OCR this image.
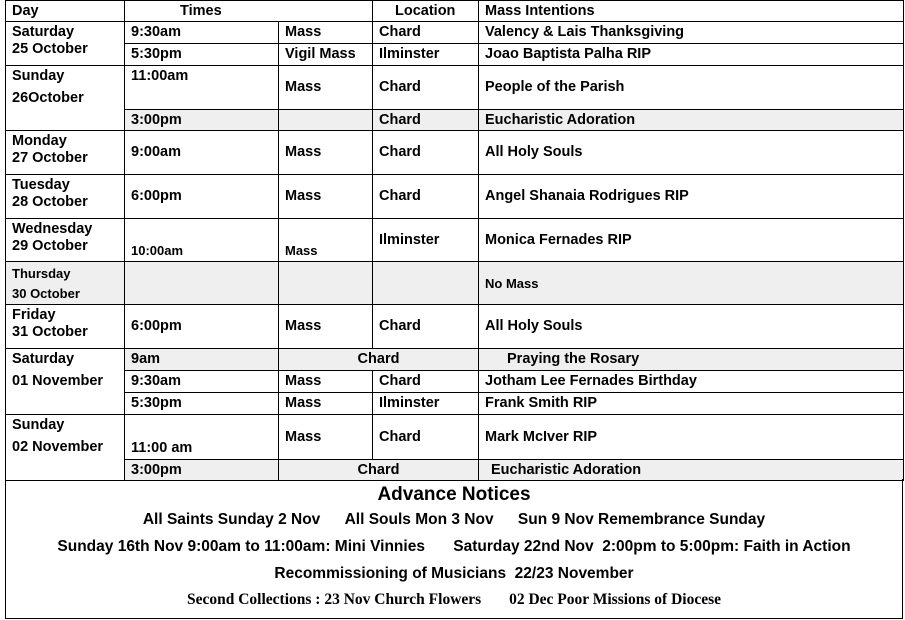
Day	Times		Location	Mass Intentions

Saturday
25 October	9:30am	Mass	Chard	Valency & Lais Thanksgiving
	5:30pm	Vigil Mass	Ilminster	Joao Baptista Palha RIP

Sunday
26October	11:00am	Mass	Chard	People of the Parish
	3:00pm		Chard	Eucharistic Adoration

Monday
27 October	9:00am	Mass	Chard	All Holy Souls

Tuesday
28 October	6:00pm	Mass	Chard	Angel Shanaia Rodrigues RIP

Wednesday
29 October	10:00am	Mass	Ilminster	Monica Fernades RIP

Thursday
30 October				No Mass

Friday
31 October	6:00pm	Mass	Chard	All Holy Souls

Saturday
01 November	9am	Chard		Praying the Rosary
	9:30am	Mass	Chard	Jotham Lee Fernades Birthday
	5:30pm	Mass	Ilminster	Frank Smith RIP

Sunday
02 November	11:00 am	Mass	Chard	Mark McIver RIP
	3:00pm	Chard		Eucharistic Adoration
Advance Notices
All Saints Sunday 2 Nov All Souls Mon 3 Nov Sun 9 Nov Remembrance Sunday
Sunday 16th Nov 9:00am to 11:00am: Mini Vinnies Saturday 22nd Nov  2:00pm to 5:00pm: Faith in Action
Recommissioning of Musicians  22/23 November
Second Collections : 23 Nov Church Flowers 02 Dec Poor Missions of Diocese
